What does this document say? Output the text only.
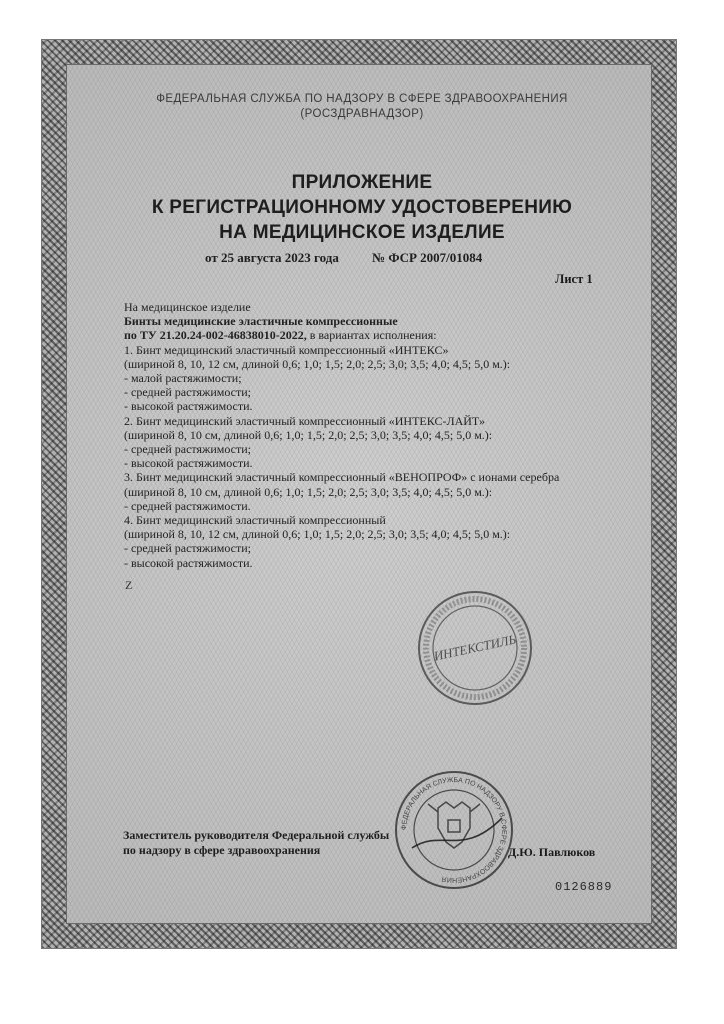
ФЕДЕРАЛЬНАЯ СЛУЖБА ПО НАДЗОРУ В СФЕРЕ ЗДРАВООХРАНЕНИЯ
(РОСЗДРАВНАДЗОР)
ПРИЛОЖЕНИЕ
К РЕГИСТРАЦИОННОМУ УДОСТОВЕРЕНИЮ
НА МЕДИЦИНСКОЕ ИЗДЕЛИЕ
от 25 августа 2023 года	№ ФСР 2007/01084
Лист 1
На медицинское изделие
Бинты медицинские эластичные компрессионные
по ТУ 21.20.24-002-46838010-2022, в вариантах исполнения:
1. Бинт медицинский эластичный компрессионный «ИНТЕКС»
(шириной 8, 10, 12 см, длиной 0,6; 1,0; 1,5; 2,0; 2,5; 3,0; 3,5; 4,0; 4,5; 5,0 м.):
- малой растяжимости;
- средней растяжимости;
- высокой растяжимости.
2. Бинт медицинский эластичный компрессионный «ИНТЕКС-ЛАЙТ»
(шириной 8, 10 см, длиной 0,6; 1,0; 1,5; 2,0; 2,5; 3,0; 3,5; 4,0; 4,5; 5,0 м.):
- средней растяжимости;
- высокой растяжимости.
3. Бинт медицинский эластичный компрессионный «ВЕНОПРОФ» с ионами серебра
(шириной 8, 10 см, длиной 0,6; 1,0; 1,5; 2,0; 2,5; 3,0; 3,5; 4,0; 4,5; 5,0 м.):
- средней растяжимости.
4. Бинт медицинский эластичный компрессионный
(шириной 8, 10, 12 см, длиной 0,6; 1,0; 1,5; 2,0; 2,5; 3,0; 3,5; 4,0; 4,5; 5,0 м.):
- средней растяжимости;
- высокой растяжимости.
Z
ИНТЕКСТИЛЬ
ФЕДЕРАЛЬНАЯ СЛУЖБА ПО НАДЗОРУ В СФЕРЕ ЗДРАВООХРАНЕНИЯ
Заместитель руководителя Федеральной службы
по надзору в сфере здравоохранения	Д.Ю. Павлюков
0126889
